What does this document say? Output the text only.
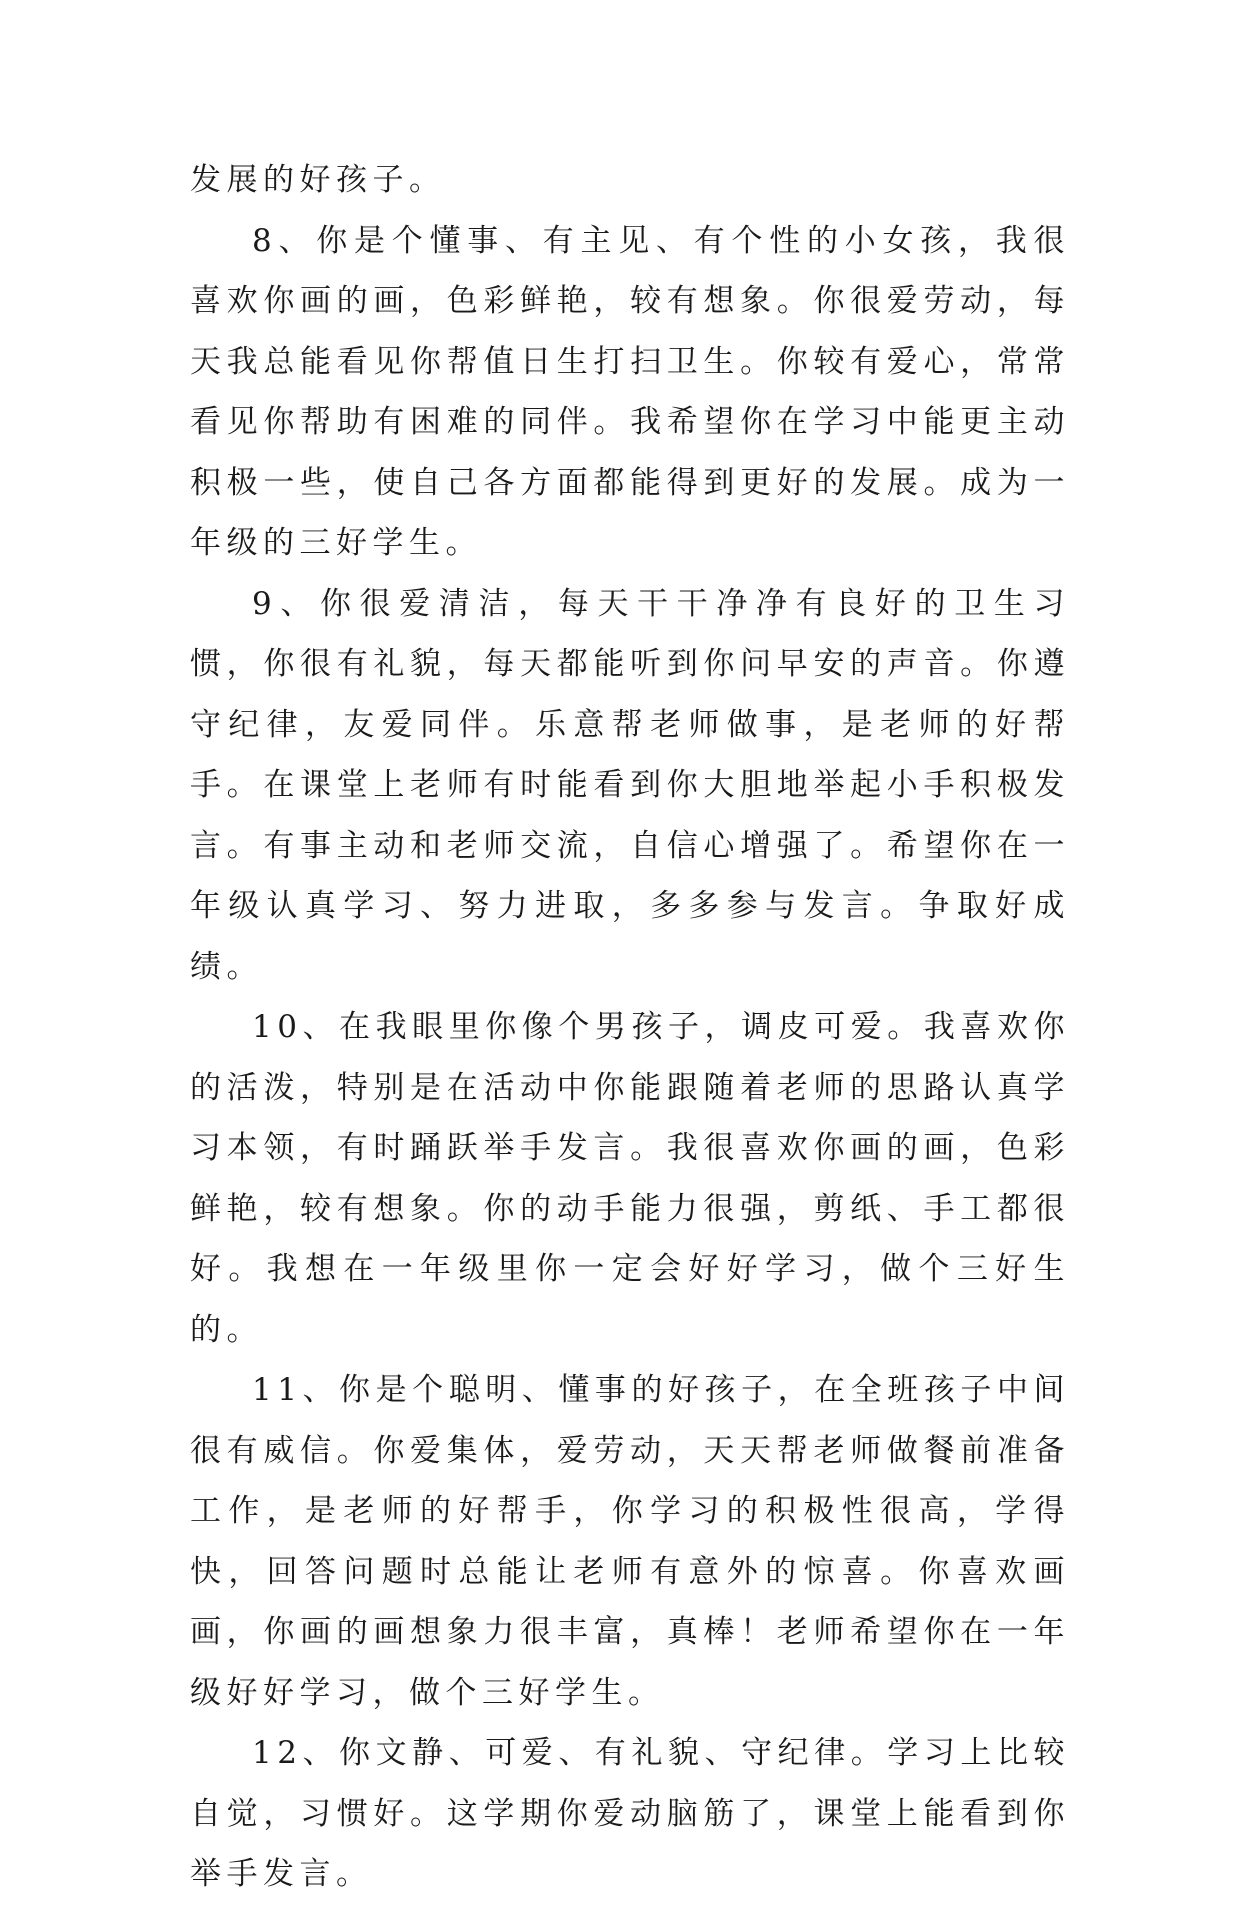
发展的好孩子。

8、你是个懂事、有主见、有个性的小女孩，我很喜欢你画的画，色彩鲜艳，较有想象。你很爱劳动，每天我总能看见你帮值日生打扫卫生。你较有爱心，常常看见你帮助有困难的同伴。我希望你在学习中能更主动积极一些，使自己各方面都能得到更好的发展。成为一年级的三好学生。

9、你很爱清洁，每天干干净净有良好的卫生习惯，你很有礼貌，每天都能听到你问早安的声音。你遵守纪律，友爱同伴。乐意帮老师做事，是老师的好帮手。在课堂上老师有时能看到你大胆地举起小手积极发言。有事主动和老师交流，自信心增强了。希望你在一年级认真学习、努力进取，多多参与发言。争取好成绩。

10、在我眼里你像个男孩子，调皮可爱。我喜欢你的活泼，特别是在活动中你能跟随着老师的思路认真学习本领，有时踊跃举手发言。我很喜欢你画的画，色彩鲜艳，较有想象。你的动手能力很强，剪纸、手工都很好。我想在一年级里你一定会好好学习，做个三好生的。

11、你是个聪明、懂事的好孩子，在全班孩子中间很有威信。你爱集体，爱劳动，天天帮老师做餐前准备工作，是老师的好帮手，你学习的积极性很高，学得快，回答问题时总能让老师有意外的惊喜。你喜欢画画，你画的画想象力很丰富，真棒！老师希望你在一年级好好学习，做个三好学生。

12、你文静、可爱、有礼貌、守纪律。学习上比较自觉，习惯好。这学期你爱动脑筋了，课堂上能看到你举手发言。
